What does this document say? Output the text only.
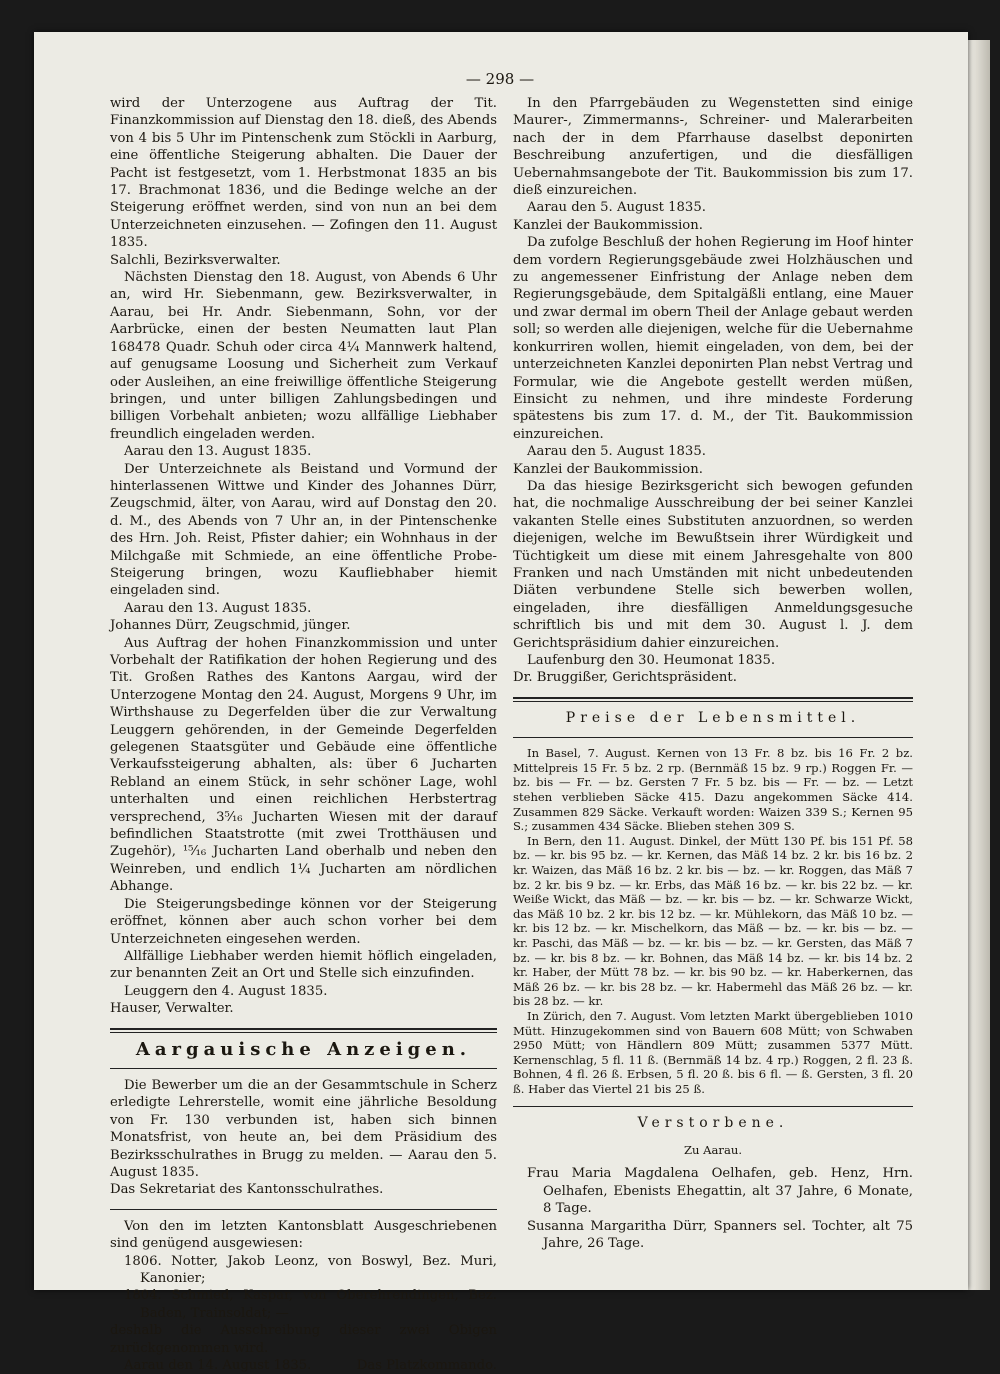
— 298 —

wird der Unterzogene aus Auftrag der Tit. Finanzkommission auf Dienstag den 18. dieß, des Abends von 4 bis 5 Uhr im Pintenschenk zum Stöckli in Aarburg, eine öffentliche Steigerung abhalten. Die Dauer der Pacht ist festgesetzt, vom 1. Herbstmonat 1835 an bis 17. Brachmonat 1836, und die Bedinge welche an der Steigerung eröffnet werden, sind von nun an bei dem Unterzeichneten einzusehen. — Zofingen den 11. August 1835.

Salchli, Bezirksverwalter.

Nächsten Dienstag den 18. August, von Abends 6 Uhr an, wird Hr. Siebenmann, gew. Bezirksverwalter, in Aarau, bei Hr. Andr. Siebenmann, Sohn, vor der Aarbrücke, einen der besten Neumatten laut Plan 168478 Quadr. Schuh oder circa 4¼ Mannwerk haltend, auf genugsame Loosung und Sicherheit zum Verkauf oder Ausleihen, an eine freiwillige öffentliche Steigerung bringen, und unter billigen Zahlungsbedingen und billigen Vorbehalt anbieten; wozu allfällige Liebhaber freundlich eingeladen werden.

Aarau den 13. August 1835.

Der Unterzeichnete als Beistand und Vormund der hinterlassenen Wittwe und Kinder des Johannes Dürr, Zeugschmid, älter, von Aarau, wird auf Donstag den 20. d. M., des Abends von 7 Uhr an, in der Pintenschenke des Hrn. Joh. Reist, Pfister dahier; ein Wohnhaus in der Milchgaße mit Schmiede, an eine öffentliche Probe-Steigerung bringen, wozu Kaufliebhaber hiemit eingeladen sind.

Aarau den 13. August 1835.

Johannes Dürr, Zeugschmid, jünger.

Aus Auftrag der hohen Finanzkommission und unter Vorbehalt der Ratifikation der hohen Regierung und des Tit. Großen Rathes des Kantons Aargau, wird der Unterzogene Montag den 24. August, Morgens 9 Uhr, im Wirthshause zu Degerfelden über die zur Verwaltung Leuggern gehörenden, in der Gemeinde Degerfelden gelegenen Staatsgüter und Gebäude eine öffentliche Verkaufssteigerung abhalten, als: über 6 Jucharten Rebland an einem Stück, in sehr schöner Lage, wohl unterhalten und einen reichlichen Herbstertrag versprechend, 3⁵⁄₁₆ Jucharten Wiesen mit der darauf befindlichen Staatstrotte (mit zwei Trotthäusen und Zugehör), ¹⁵⁄₁₆ Jucharten Land oberhalb und neben den Weinreben, und endlich 1¼ Jucharten am nördlichen Abhange.

Die Steigerungsbedinge können vor der Steigerung eröffnet, können aber auch schon vorher bei dem Unterzeichneten eingesehen werden.

Allfällige Liebhaber werden hiemit höflich eingeladen, zur benannten Zeit an Ort und Stelle sich einzufinden.

Leuggern den 4. August 1835.

Hauser, Verwalter.

Aargauische Anzeigen.

Die Bewerber um die an der Gesammtschule in Scherz erledigte Lehrerstelle, womit eine jährliche Besoldung von Fr. 130 verbunden ist, haben sich binnen Monatsfrist, von heute an, bei dem Präsidium des Bezirksschulrathes in Brugg zu melden. — Aarau den 5. August 1835.

Das Sekretariat des Kantonsschulrathes.

Von den im letzten Kantonsblatt Ausgeschriebenen sind genügend ausgewiesen:

1806. Notter, Jakob Leonz, von Boswyl, Bez. Muri, Kanonier;

1804. Schmied, Kaspar, von Oberehrendingen, Bez. Baden, Trainsoldat; —

deshalb die Ausschreibung dieser zwei Obigen zurückgenommen wird.

Aarau den 14. August 1835.	Das Platzkommando.

In den Pfarrgebäuden zu Wegenstetten sind einige Maurer-, Zimmermanns-, Schreiner- und Malerarbeiten nach der in dem Pfarrhause daselbst deponirten Beschreibung anzufertigen, und die diesfälligen Uebernahmsangebote der Tit. Baukommission bis zum 17. dieß einzureichen.

Aarau den 5. August 1835.

Kanzlei der Baukommission.

Da zufolge Beschluß der hohen Regierung im Hoof hinter dem vordern Regierungsgebäude zwei Holzhäuschen und zu angemessener Einfristung der Anlage neben dem Regierungsgebäude, dem Spitalgäßli entlang, eine Mauer und zwar dermal im obern Theil der Anlage gebaut werden soll; so werden alle diejenigen, welche für die Uebernahme konkurriren wollen, hiemit eingeladen, von dem, bei der unterzeichneten Kanzlei deponirten Plan nebst Vertrag und Formular, wie die Angebote gestellt werden müßen, Einsicht zu nehmen, und ihre mindeste Forderung spätestens bis zum 17. d. M., der Tit. Baukommission einzureichen.

Aarau den 5. August 1835.

Kanzlei der Baukommission.

Da das hiesige Bezirksgericht sich bewogen gefunden hat, die nochmalige Ausschreibung der bei seiner Kanzlei vakanten Stelle eines Substituten anzuordnen, so werden diejenigen, welche im Bewußtsein ihrer Würdigkeit und Tüchtigkeit um diese mit einem Jahresgehalte von 800 Franken und nach Umständen mit nicht unbedeutenden Diäten verbundene Stelle sich bewerben wollen, eingeladen, ihre diesfälligen Anmeldungsgesuche schriftlich bis und mit dem 30. August l. J. dem Gerichtspräsidium dahier einzureichen.

Laufenburg den 30. Heumonat 1835.

Dr. Bruggißer, Gerichtspräsident.

Preise der Lebensmittel.

In Basel, 7. August. Kernen von 13 Fr. 8 bz. bis 16 Fr. 2 bz. Mittelpreis 15 Fr. 5 bz. 2 rp. (Bernmäß 15 bz. 9 rp.) Roggen Fr. — bz. bis — Fr. — bz. Gersten 7 Fr. 5 bz. bis — Fr. — bz. — Letzt stehen verblieben Säcke 415. Dazu angekommen Säcke 414. Zusammen 829 Säcke. Verkauft worden: Waizen 339 S.; Kernen 95 S.; zusammen 434 Säcke. Blieben stehen 309 S.

In Bern, den 11. August. Dinkel, der Mütt 130 Pf. bis 151 Pf. 58 bz. — kr. bis 95 bz. — kr. Kernen, das Mäß 14 bz. 2 kr. bis 16 bz. 2 kr. Waizen, das Mäß 16 bz. 2 kr. bis — bz. — kr. Roggen, das Mäß 7 bz. 2 kr. bis 9 bz. — kr. Erbs, das Mäß 16 bz. — kr. bis 22 bz. — kr. Weiße Wickt, das Mäß — bz. — kr. bis — bz. — kr. Schwarze Wickt, das Mäß 10 bz. 2 kr. bis 12 bz. — kr. Mühlekorn, das Mäß 10 bz. — kr. bis 12 bz. — kr. Mischelkorn, das Mäß — bz. — kr. bis — bz. — kr. Paschi, das Mäß — bz. — kr. bis — bz. — kr. Gersten, das Mäß 7 bz. — kr. bis 8 bz. — kr. Bohnen, das Mäß 14 bz. — kr. bis 14 bz. 2 kr. Haber, der Mütt 78 bz. — kr. bis 90 bz. — kr. Haberkernen, das Mäß 26 bz. — kr. bis 28 bz. — kr. Habermehl das Mäß 26 bz. — kr. bis 28 bz. — kr.

In Zürich, den 7. August. Vom letzten Markt übergeblieben 1010 Mütt. Hinzugekommen sind von Bauern 608 Mütt; von Schwaben 2950 Mütt; von Händlern 809 Mütt; zusammen 5377 Mütt. Kernenschlag, 5 fl. 11 ß. (Bernmäß 14 bz. 4 rp.) Roggen, 2 fl. 23 ß. Bohnen, 4 fl. 26 ß. Erbsen, 5 fl. 20 ß. bis 6 fl. — ß. Gersten, 3 fl. 20 ß. Haber das Viertel 21 bis 25 ß.

Verstorbene.

Zu Aarau.

Frau Maria Magdalena Oelhafen, geb. Henz, Hrn. Oelhafen, Ebenists Ehegattin, alt 37 Jahre, 6 Monate, 8 Tage.

Susanna Margaritha Dürr, Spanners sel. Tochter, alt 75 Jahre, 26 Tage.
